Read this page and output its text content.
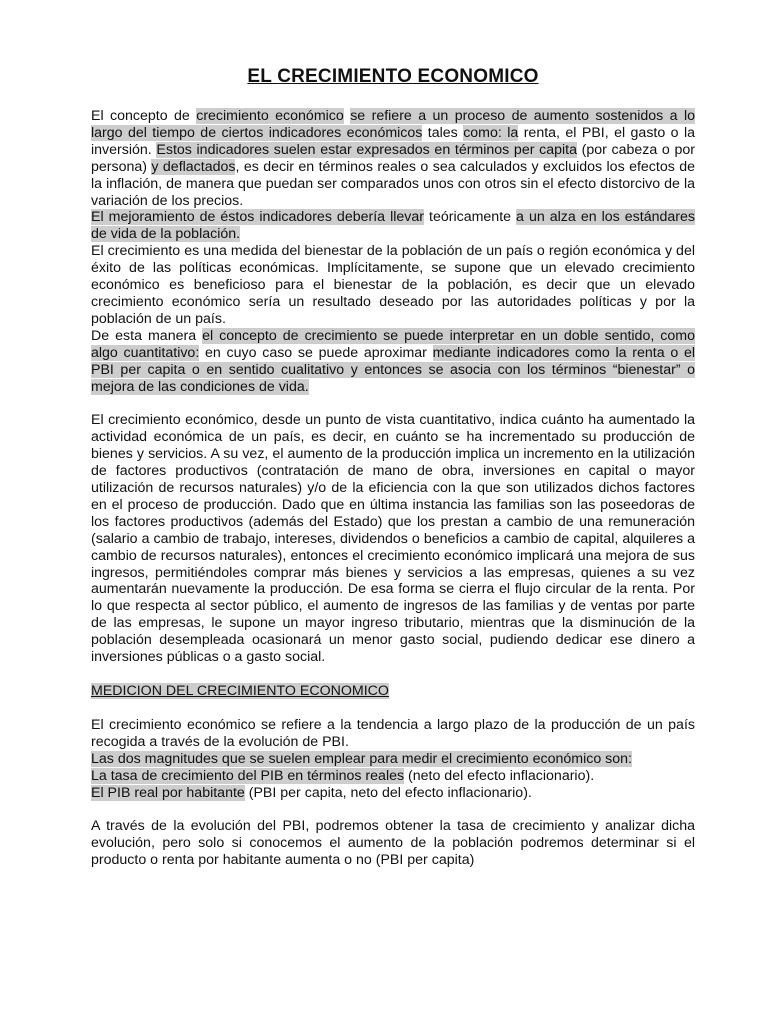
EL CRECIMIENTO ECONOMICO

El concepto de crecimiento económico se refiere a un proceso de aumento sostenidos a lo largo del tiempo de ciertos indicadores económicos tales como: la renta, el PBI, el gasto o la inversión. Estos indicadores suelen estar expresados en términos per capita (por cabeza o por persona) y deflactados, es decir en términos reales o sea calculados y excluidos los efectos de la inflación, de manera que puedan ser comparados unos con otros sin el efecto distorcivo de la variación de los precios.

El mejoramiento de éstos indicadores debería llevar teóricamente a un alza en los estándares de vida de la población.

El crecimiento es una medida del bienestar de la población de un país o región económica y del éxito de las políticas económicas. Implícitamente, se supone que un elevado crecimiento económico es beneficioso para el bienestar de la población, es decir que un elevado crecimiento económico sería un resultado deseado por las autoridades políticas y por la población de un país.

De esta manera el concepto de crecimiento se puede interpretar en un doble sentido, como algo cuantitativo: en cuyo caso se puede aproximar mediante indicadores como la renta o el PBI per capita o en sentido cualitativo y entonces se asocia con los términos “bienestar” o mejora de las condiciones de vida.

El crecimiento económico, desde un punto de vista cuantitativo, indica cuánto ha aumentado la actividad económica de un país, es decir, en cuánto se ha incrementado su producción de bienes y servicios. A su vez, el aumento de la producción implica un incremento en la utilización de factores productivos (contratación de mano de obra, inversiones en capital o mayor utilización de recursos naturales) y/o de la eficiencia con la que son utilizados dichos factores en el proceso de producción. Dado que en última instancia las familias son las poseedoras de los factores productivos (además del Estado) que los prestan a cambio de una remuneración (salario a cambio de trabajo, intereses, dividendos o beneficios a cambio de capital, alquileres a cambio de recursos naturales), entonces el crecimiento económico implicará una mejora de sus ingresos, permitiéndoles comprar más bienes y servicios a las empresas, quienes a su vez aumentarán nuevamente la producción. De esa forma se cierra el flujo circular de la renta. Por lo que respecta al sector público, el aumento de ingresos de las familias y de ventas por parte de las empresas, le supone un mayor ingreso tributario, mientras que la disminución de la población desempleada ocasionará un menor gasto social, pudiendo dedicar ese dinero a inversiones públicas o a gasto social.

MEDICION DEL CRECIMIENTO ECONOMICO

El crecimiento económico se refiere a la tendencia a largo plazo de la producción de un país recogida a través de la evolución de PBI.

Las dos magnitudes que se suelen emplear para medir el crecimiento económico son:

La tasa de crecimiento del PIB en términos reales (neto del efecto inflacionario).

El PIB real por habitante (PBI per capita, neto del efecto inflacionario).

A través de la evolución del PBI, podremos obtener la tasa de crecimiento y analizar dicha evolución, pero solo si conocemos el aumento de la población podremos determinar si el producto o renta por habitante aumenta o no (PBI per capita)
